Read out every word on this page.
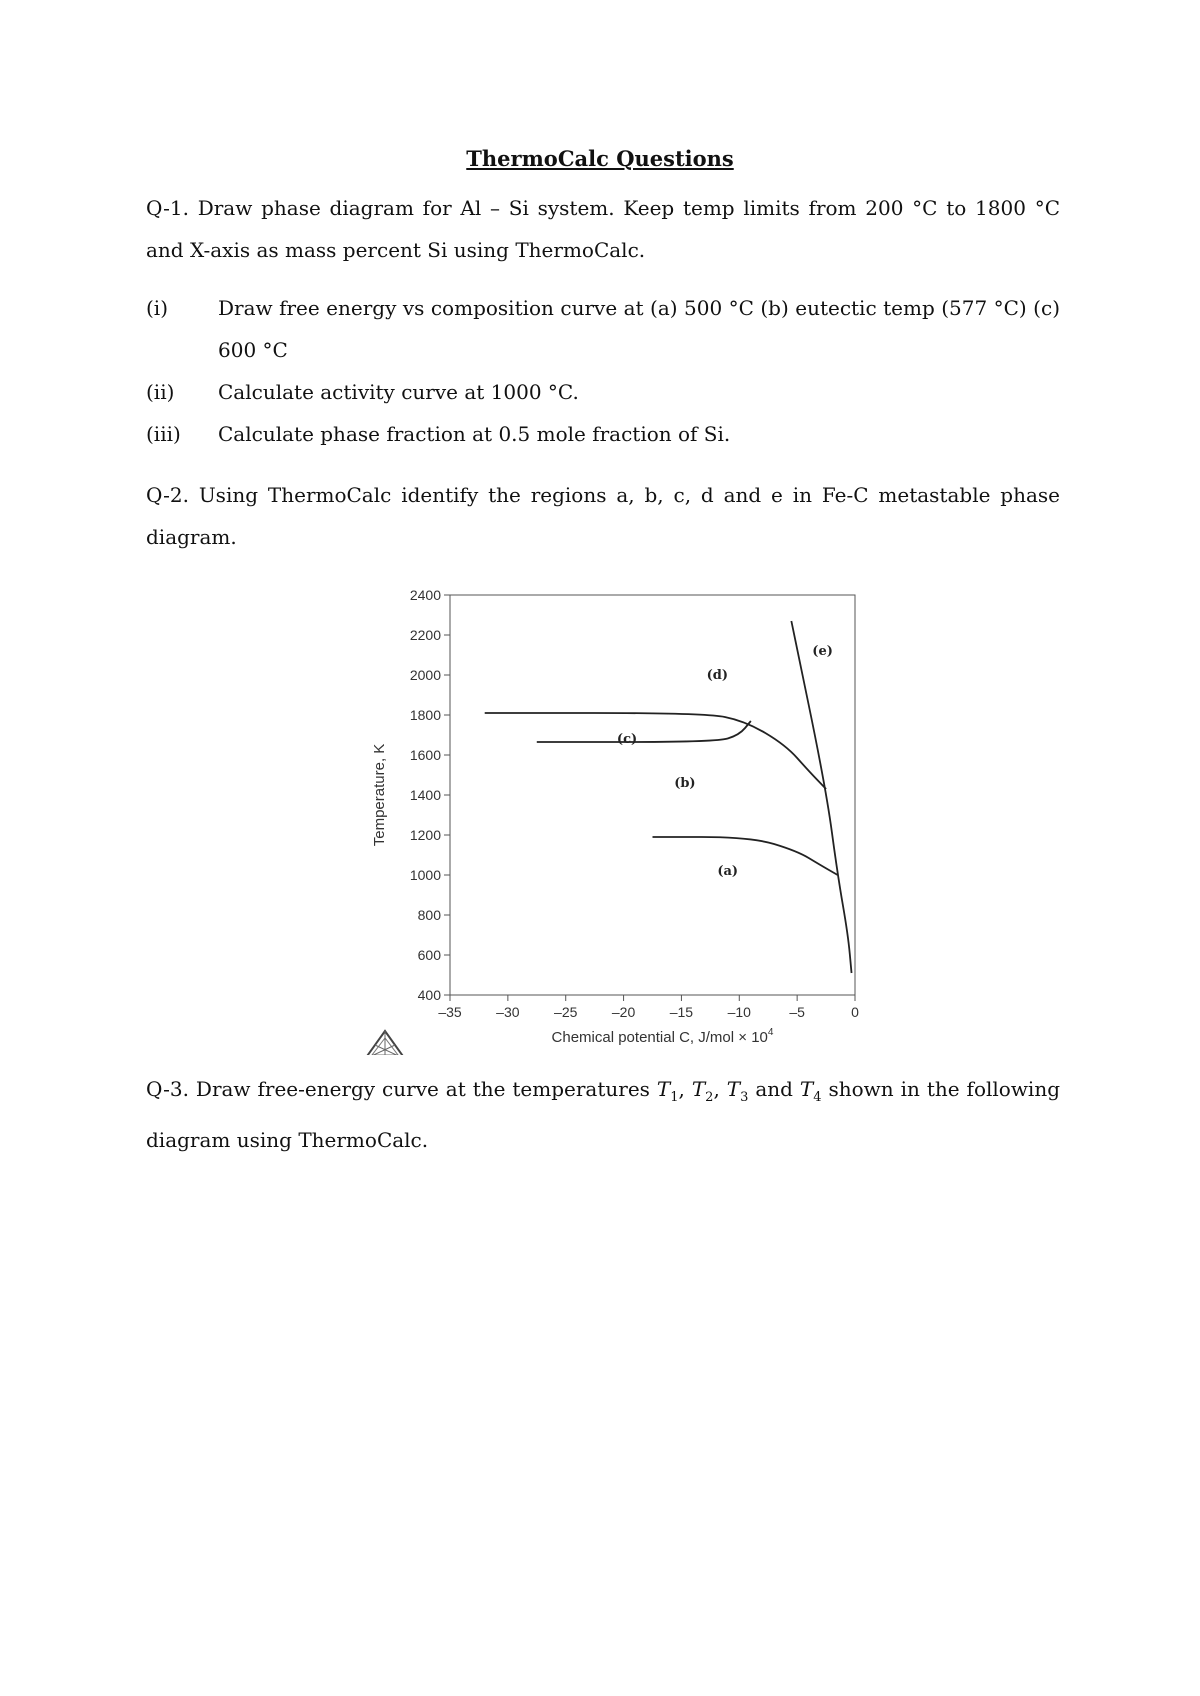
ThermoCalc Questions

Q-1. Draw phase diagram for Al – Si system. Keep temp limits from 200 °C to 1800 °C and X-axis as mass percent Si using ThermoCalc.

(i) Draw free energy vs composition curve at (a) 500 °C (b) eutectic temp (577 °C) (c) 600 °C
(ii) Calculate activity curve at 1000 °C.
(iii) Calculate phase fraction at 0.5 mole fraction of Si.

Q-2. Using ThermoCalc identify the regions a, b, c, d and e in Fe-C metastable phase diagram.

400
600
800
1000
1200
1400
1600
1800
2000
2200
2400
–35 –30 –25 –20 –15 –10	–5	0
Temperature, K
Chemical potential C, $J/mol \times 10^4$
(a)
(b)
(c)
(d)
(e)

Q-3. Draw free-energy curve at the temperatures $T_1$, $T_2$, $T_3$ and $T_4$ shown in the following diagram using ThermoCalc.
